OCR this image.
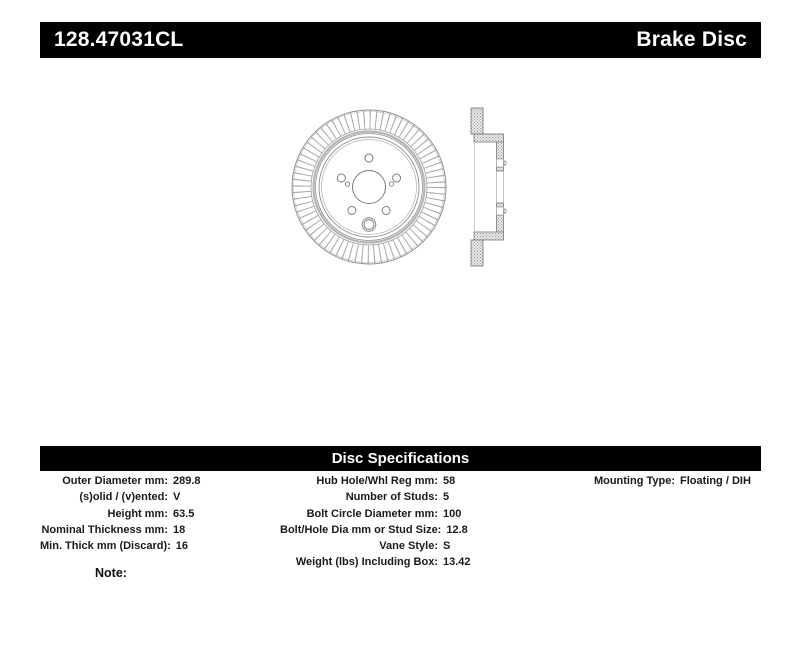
128.47031CL	Brake Disc
Disc Specifications
Outer Diameter mm: 289.8
(s)olid / (v)ented: V
Height mm: 63.5
Nominal Thickness mm: 18
Min. Thick mm (Discard): 16
Hub Hole/Whl Reg mm: 58
Number of Studs: 5
Bolt Circle Diameter mm: 100
Bolt/Hole Dia mm or Stud Size: 12.8
Vane Style: S
Weight (lbs) Including Box: 13.42
Mounting Type: Floating / DIH
Note:
